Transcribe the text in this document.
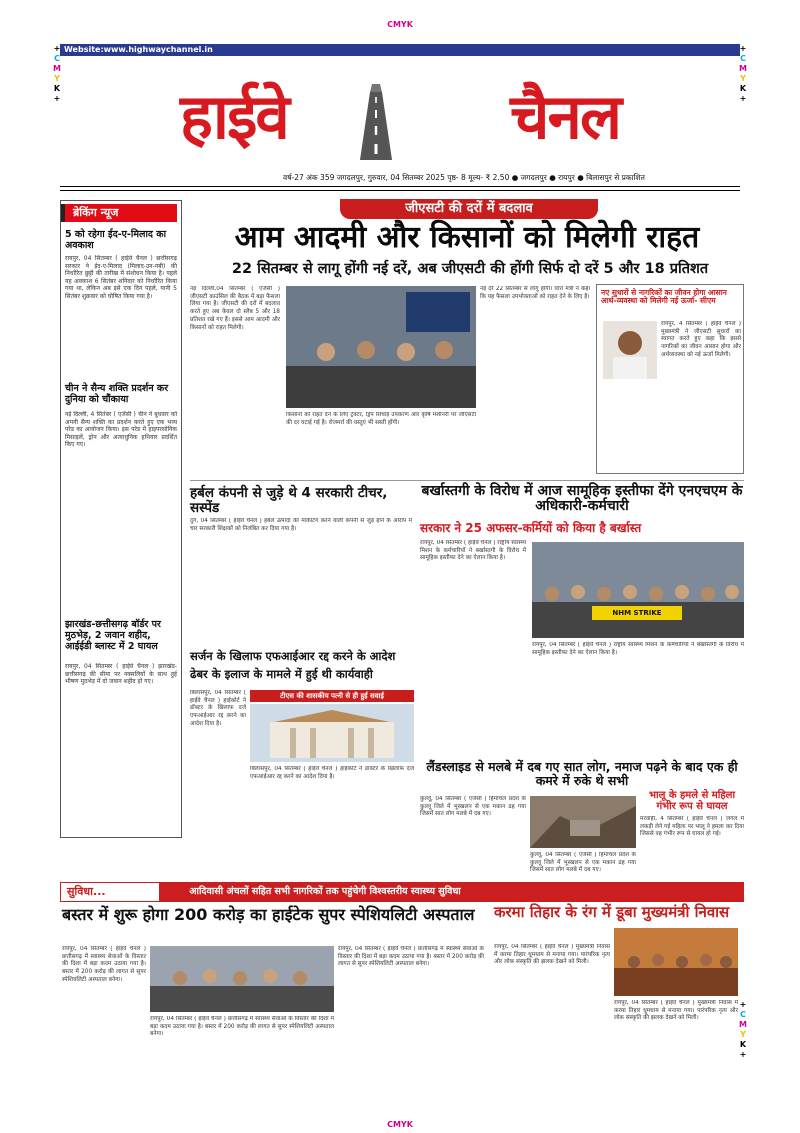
CMYK
CMYK
+
C
M
Y
K
+
+
C
M
Y
K
+
+
C
M
Y
K
+
Website:www.highwaychannel.in
हाईवे	चैनल
वर्ष-27 अंक 359 जगदलपुर, गुरुवार, 04 सितम्बर 2025 पृष्ठ- 8 मूल्य- ₹ 2.50 ● जगदलपुर ● रायपुर ● बिलासपुर से प्रकाशित
ब्रेकिंग न्यूज
5 को रहेगा ईद-ए-मिलाद का अवकाश
रायपुर, 04 सितम्बर ( हाईवे चैनल ) छत्तीसगढ़ सरकार ने ईद-ए-मिलाद (मिलाद-उन-नबी) की निर्धारित छुट्टी की तारीख में संशोधन किया है। पहले यह अवकाश 6 सितंबर शनिवार को निर्धारित किया गया था, लेकिन अब इसे एक दिन पहले, यानी 5 सितंबर शुक्रवार को घोषित किया गया है।
चीन ने सैन्य शक्ति प्रदर्शन कर दुनिया को चौंकाया
नई दिल्ली, 4 सितंबर ( एजेंसी ) चीन ने बुधवार को अपनी सैन्य शक्ति का प्रदर्शन करते हुए एक भव्य परेड का आयोजन किया। इस परेड में हाइपरसोनिक मिसाइलें, ड्रोन और अत्याधुनिक हथियार प्रदर्शित किए गए।
झारखंड-छत्तीसगढ़ बॉर्डर पर मुठभेड़, 2 जवान शहीद, आईईडी ब्लास्ट में 2 घायल
रायपुर, 04 सितम्बर ( हाईवे चैनल ) झारखंड-छत्तीसगढ़ की सीमा पर नक्सलियों के साथ हुई भीषण मुठभेड़ में दो जवान शहीद हो गए।
जीएसटी की दरों में बदलाव
आम आदमी और किसानों को मिलेगी राहत
22 सितम्बर से लागू होंगी नई दरें, अब जीएसटी की होंगी सिर्फ दो दरें 5 और 18 प्रतिशत
नई दिल्ली,04 सितम्बर ( एजेंसी ) जीएसटी काउंसिल की बैठक में बड़ा फैसला लिया गया है। जीएसटी की दरों में बदलाव करते हुए अब केवल दो स्लैब 5 और 18 प्रतिशत रखे गए हैं। इससे आम आदमी और किसानों को राहत मिलेगी।
किसानों को राहत देने के लिए ट्रैक्टर, ड्रिप सिंचाई उपकरण और कृषि मशीनरी पर जीएसटी की दर घटाई गई है। रोजमर्रा की वस्तुएं भी सस्ती होंगी।
नई दरें 22 सितम्बर से लागू होंगी। वित्त मंत्री ने कहा कि यह फैसला उपभोक्ताओं को राहत देने के लिए है। नए सुधारों से नागरिकों का जीवन होगा आसान आर्थ-व्यवस्था को मिलेगी नई ऊर्जा- सीएम
रायपुर, 4 सितम्बर ( हाईवे चैनल ) मुख्यमंत्री ने जीएसटी सुधारों का स्वागत करते हुए कहा कि इससे नागरिकों का जीवन आसान होगा और अर्थव्यवस्था को नई ऊर्जा मिलेगी।
हर्बल कंपनी से जुड़े थे 4 सरकारी टीचर, सस्पेंड
दुर्ग, 04 सितम्बर ( हाईवे चैनल ) हर्बल उत्पादों की मार्केटिंग करने वाली कंपनी से जुड़े होने के आरोप में चार सरकारी शिक्षकों को निलंबित कर दिया गया है।
बर्खास्तगी के विरोध में आज सामूहिक इस्तीफा देंगे एनएचएम के अधिकारी-कर्मचारी
सरकार ने 25 अफसर-कर्मियों को किया है बर्खास्त
रायपुर, 04 सितम्बर ( हाईवे चैनल ) राष्ट्रीय स्वास्थ्य मिशन के कर्मचारियों ने बर्खास्तगी के विरोध में सामूहिक इस्तीफा देने का ऐलान किया है।
NHM STRIKE
रायपुर, 04 सितम्बर ( हाईवे चैनल ) राष्ट्रीय स्वास्थ्य मिशन के कर्मचारियों ने बर्खास्तगी के विरोध में सामूहिक इस्तीफा देने का ऐलान किया है।
सर्जन के खिलाफ एफआईआर रद्द करने के आदेश
ढेबर के इलाज के मामले में हुई थी कार्यवाही
टीएस की शासकीय पत्नी से ही हुई सवाई
बिलासपुर, 04 सितम्बर ( हाईवे चैनल ) हाईकोर्ट ने डॉक्टर के खिलाफ दर्ज एफआईआर रद्द करने का आदेश दिया है।
बिलासपुर, 04 सितम्बर ( हाईवे चैनल ) हाईकोर्ट ने डॉक्टर के खिलाफ दर्ज एफआईआर रद्द करने का आदेश दिया है।
लैंडस्लाइड से मलबे में दब गए सात लोग, नमाज पढ़ने के बाद एक ही कमरे में रुके थे सभी
कुल्लू, 04 सितम्बर ( एजेंसी ) हिमाचल प्रदेश के कुल्लू जिले में भूस्खलन से एक मकान ढह गया जिसमें सात लोग मलबे में दब गए।
कुल्लू, 04 सितम्बर ( एजेंसी ) हिमाचल प्रदेश के कुल्लू जिले में भूस्खलन से एक मकान ढह गया जिसमें सात लोग मलबे में दब गए।
भालू के हमले से महिला गंभीर रूप से घायल
मरवाही, 4 सितम्बर ( हाईवे चैनल ) जंगल में लकड़ी लेने गई महिला पर भालू ने हमला कर दिया जिससे वह गंभीर रूप से घायल हो गई।
सुविधा...	आदिवासी अंचलों सहित सभी नागरिकों तक पहुंचेगी विश्वस्तरीय स्वास्थ्य सुविधा
बस्तर में शुरू होगा 200 करोड़ का हाईटेक सुपर स्पेशियलिटी अस्पताल	करमा तिहार के रंग में डूबा मुख्यमंत्री निवास
रायपुर, 04 सितम्बर ( हाईवे चैनल ) छत्तीसगढ़ में स्वास्थ्य सेवाओं के विस्तार की दिशा में बड़ा कदम उठाया गया है। बस्तर में 200 करोड़ की लागत से सुपर स्पेशियलिटी अस्पताल बनेगा।
रायपुर, 04 सितम्बर ( हाईवे चैनल ) छत्तीसगढ़ में स्वास्थ्य सेवाओं के विस्तार की दिशा में बड़ा कदम उठाया गया है। बस्तर में 200 करोड़ की लागत से सुपर स्पेशियलिटी अस्पताल बनेगा।
रायपुर, 04 सितम्बर ( हाईवे चैनल ) छत्तीसगढ़ में स्वास्थ्य सेवाओं के विस्तार की दिशा में बड़ा कदम उठाया गया है। बस्तर में 200 करोड़ की लागत से सुपर स्पेशियलिटी अस्पताल बनेगा।
रायपुर, 04 सितम्बर ( हाईवे चैनल ) मुख्यमंत्री निवास में करमा तिहार धूमधाम से मनाया गया। पारंपरिक नृत्य और लोक संस्कृति की झलक देखने को मिली।
रायपुर, 04 सितम्बर ( हाईवे चैनल ) मुख्यमंत्री निवास में करमा तिहार धूमधाम से मनाया गया। पारंपरिक नृत्य और लोक संस्कृति की झलक देखने को मिली।
